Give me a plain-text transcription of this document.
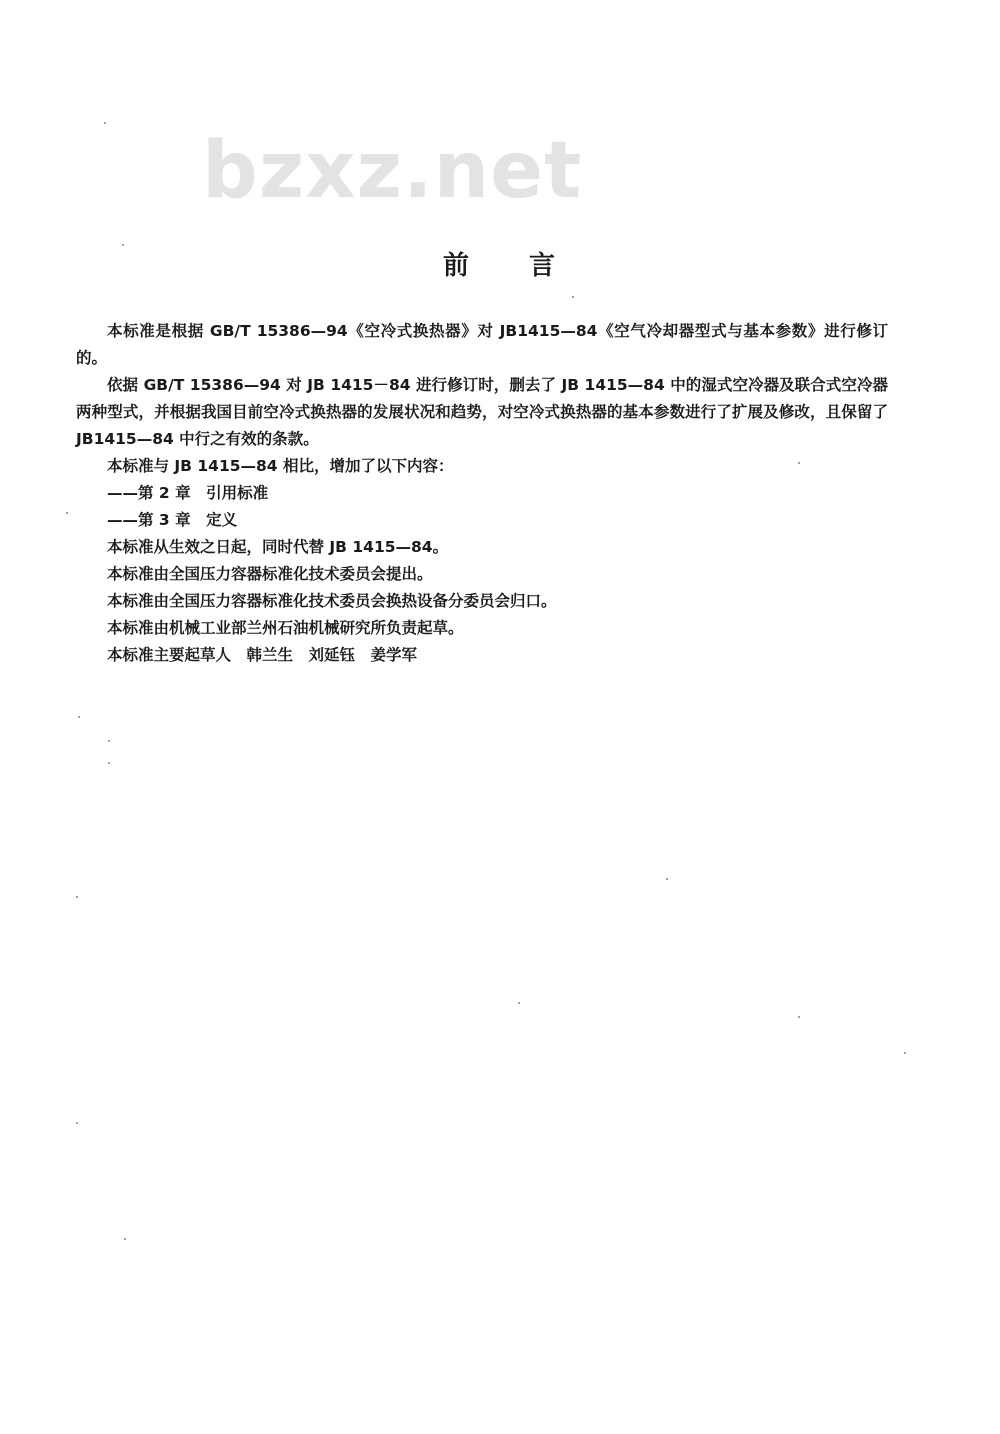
bzxz.net
前 言

本标准是根据 GB/T 15386—94《空冷式换热器》对 JB1415—84《空气冷却器型式与基本参数》进行修订的。

依据 GB/T 15386—94 对 JB 1415－84 进行修订时，删去了 JB 1415—84 中的湿式空冷器及联合式空冷器两种型式，并根据我国目前空冷式换热器的发展状况和趋势，对空冷式换热器的基本参数进行了扩展及修改，且保留了 JB1415—84 中行之有效的条款。

本标准与 JB 1415—84 相比，增加了以下内容：

——第 2 章　引用标准

——第 3 章　定义

本标准从生效之日起，同时代替 JB 1415—84。

本标准由全国压力容器标准化技术委员会提出。

本标准由全国压力容器标准化技术委员会换热设备分委员会归口。

本标准由机械工业部兰州石油机械研究所负责起草。

本标准主要起草人　韩兰生　刘延钰　姜学军
